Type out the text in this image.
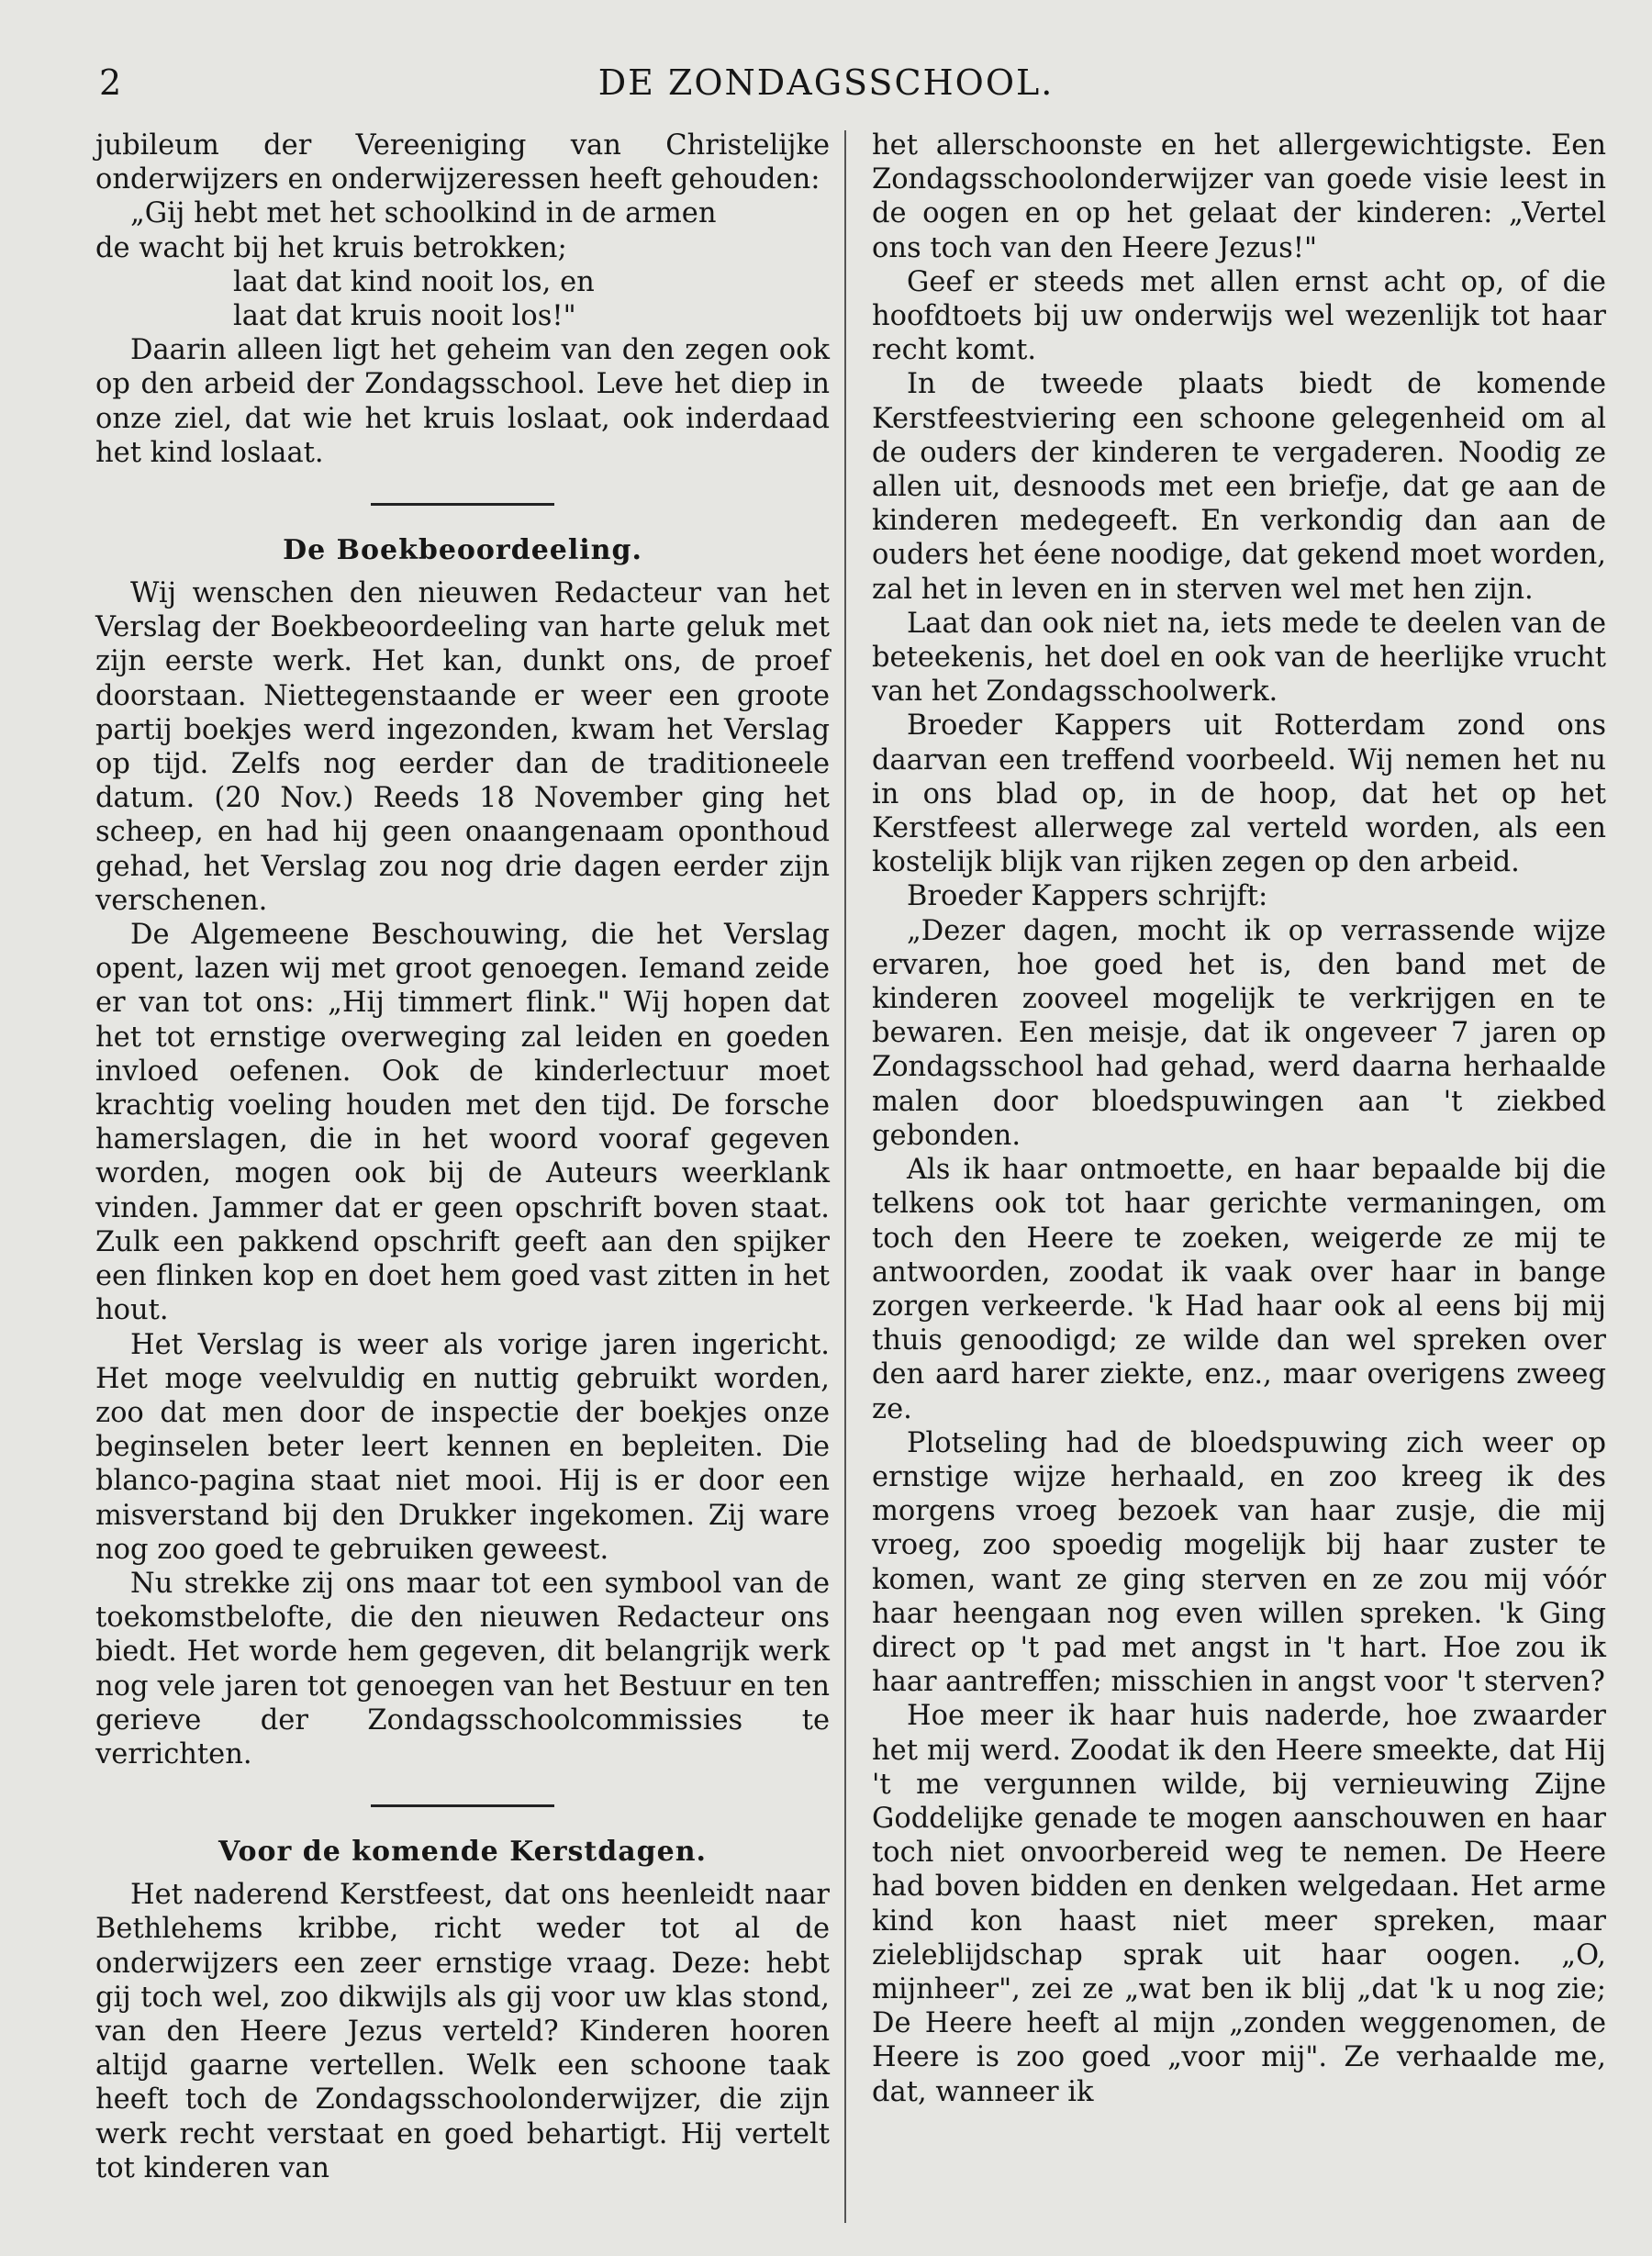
2	DE ZONDAGSSCHOOL.

jubileum der Vereeniging van Christelijke onderwijzers en onderwijzeressen heeft gehouden:

„Gij hebt met het schoolkind in de armen
de wacht bij het kruis betrokken;
laat dat kind nooit los, en
laat dat kruis nooit los!"

Daarin alleen ligt het geheim van den zegen ook op den arbeid der Zondagsschool. Leve het diep in onze ziel, dat wie het kruis loslaat, ook inderdaad het kind loslaat.

De Boekbeoordeeling.

Wij wenschen den nieuwen Redacteur van het Verslag der Boekbeoordeeling van harte geluk met zijn eerste werk. Het kan, dunkt ons, de proef doorstaan. Niettegenstaande er weer een groote partij boekjes werd ingezonden, kwam het Verslag op tijd. Zelfs nog eerder dan de traditioneele datum. (20 Nov.) Reeds 18 November ging het scheep, en had hij geen onaangenaam oponthoud gehad, het Verslag zou nog drie dagen eerder zijn verschenen.

De Algemeene Beschouwing, die het Verslag opent, lazen wij met groot genoegen. Iemand zeide er van tot ons: „Hij timmert flink." Wij hopen dat het tot ernstige overweging zal leiden en goeden invloed oefenen. Ook de kinderlectuur moet krachtig voeling houden met den tijd. De forsche hamerslagen, die in het woord vooraf gegeven worden, mogen ook bij de Auteurs weerklank vinden. Jammer dat er geen opschrift boven staat. Zulk een pakkend opschrift geeft aan den spijker een flinken kop en doet hem goed vast zitten in het hout.

Het Verslag is weer als vorige jaren ingericht. Het moge veelvuldig en nuttig gebruikt worden, zoo dat men door de inspectie der boekjes onze beginselen beter leert kennen en bepleiten. Die blanco-pagina staat niet mooi. Hij is er door een misverstand bij den Drukker ingekomen. Zij ware nog zoo goed te gebruiken geweest.

Nu strekke zij ons maar tot een symbool van de toekomstbelofte, die den nieuwen Redacteur ons biedt. Het worde hem gegeven, dit belangrijk werk nog vele jaren tot genoegen van het Bestuur en ten gerieve der Zondagsschoolcommissies te verrichten.

Voor de komende Kerstdagen.

Het naderend Kerstfeest, dat ons heenleidt naar Bethlehems kribbe, richt weder tot al de onderwijzers een zeer ernstige vraag. Deze: hebt gij toch wel, zoo dikwijls als gij voor uw klas stond, van den Heere Jezus verteld? Kinderen hooren altijd gaarne vertellen. Welk een schoone taak heeft toch de Zondagsschoolonderwijzer, die zijn werk recht verstaat en goed behartigt. Hij vertelt tot kinderen van

het allerschoonste en het allergewichtigste. Een Zondagsschoolonderwijzer van goede visie leest in de oogen en op het gelaat der kinderen: „Vertel ons toch van den Heere Jezus!"

Geef er steeds met allen ernst acht op, of die hoofdtoets bij uw onderwijs wel wezenlijk tot haar recht komt.

In de tweede plaats biedt de komende Kerstfeestviering een schoone gelegenheid om al de ouders der kinderen te vergaderen. Noodig ze allen uit, desnoods met een briefje, dat ge aan de kinderen medegeeft. En verkondig dan aan de ouders het éene noodige, dat gekend moet worden, zal het in leven en in sterven wel met hen zijn.

Laat dan ook niet na, iets mede te deelen van de beteekenis, het doel en ook van de heerlijke vrucht van het Zondagsschoolwerk.

Broeder Kappers uit Rotterdam zond ons daarvan een treffend voorbeeld. Wij nemen het nu in ons blad op, in de hoop, dat het op het Kerstfeest allerwege zal verteld worden, als een kostelijk blijk van rijken zegen op den arbeid.

Broeder Kappers schrijft:

„Dezer dagen, mocht ik op verrassende wijze ervaren, hoe goed het is, den band met de kinderen zooveel mogelijk te verkrijgen en te bewaren. Een meisje, dat ik ongeveer 7 jaren op Zondagsschool had gehad, werd daarna herhaalde malen door bloedspuwingen aan 't ziekbed gebonden.

Als ik haar ontmoette, en haar bepaalde bij die telkens ook tot haar gerichte vermaningen, om toch den Heere te zoeken, weigerde ze mij te antwoorden, zoodat ik vaak over haar in bange zorgen verkeerde. 'k Had haar ook al eens bij mij thuis genoodigd; ze wilde dan wel spreken over den aard harer ziekte, enz., maar overigens zweeg ze.

Plotseling had de bloedspuwing zich weer op ernstige wijze herhaald, en zoo kreeg ik des morgens vroeg bezoek van haar zusje, die mij vroeg, zoo spoedig mogelijk bij haar zuster te komen, want ze ging sterven en ze zou mij vóór haar heengaan nog even willen spreken. 'k Ging direct op 't pad met angst in 't hart. Hoe zou ik haar aantreffen; misschien in angst voor 't sterven?

Hoe meer ik haar huis naderde, hoe zwaarder het mij werd. Zoodat ik den Heere smeekte, dat Hij 't me vergunnen wilde, bij vernieuwing Zijne Goddelijke genade te mogen aanschouwen en haar toch niet onvoorbereid weg te nemen. De Heere had boven bidden en denken welgedaan. Het arme kind kon haast niet meer spreken, maar zieleblijdschap sprak uit haar oogen. „O, mijnheer", zei ze „wat ben ik blij „dat 'k u nog zie; De Heere heeft al mijn „zonden weggenomen, de Heere is zoo goed „voor mij". Ze verhaalde me, dat, wanneer ik
